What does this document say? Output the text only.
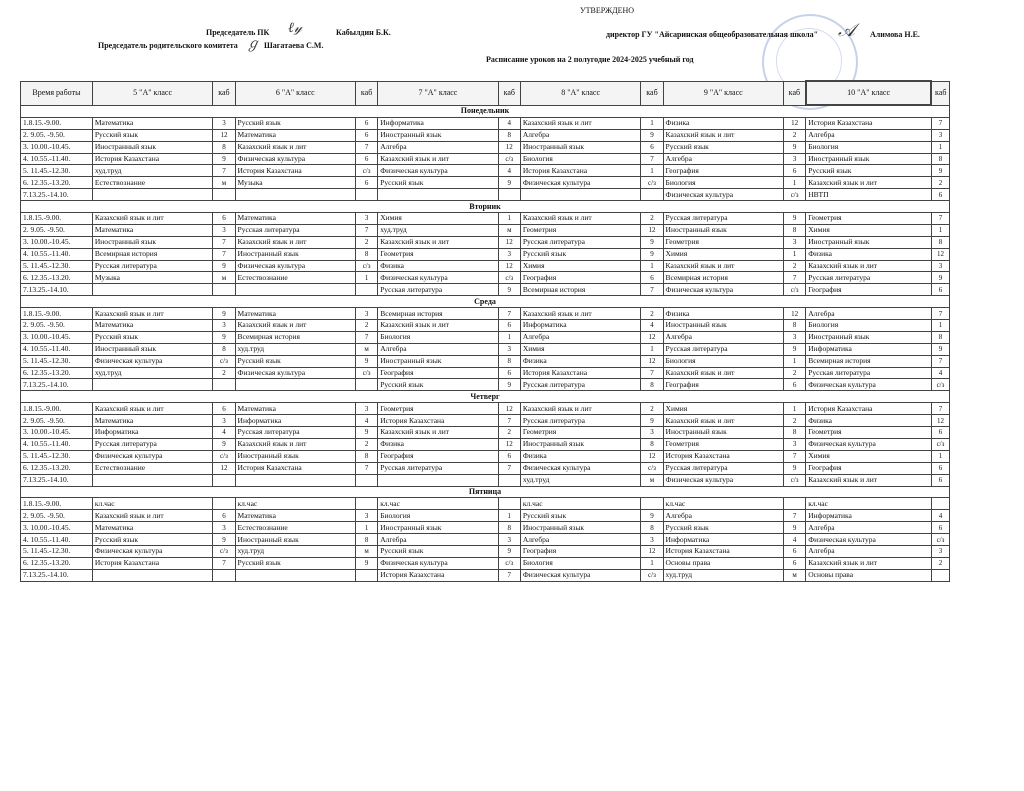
Председатель ПК ℓ𝓎	Кабылдин Б.К.
Председатель родительского комитета ℊ Шагатаева С.М.
УТВЕРЖДЕНО
директор ГУ "Айсаринская общеобразовательная школа" 𝒜 Алимова Н.Е.
Расписание уроков на 2 полугодие 2024-2025 учебный год
Время работы	5 "А" класс	каб	6 "А" класс	каб	7 "А" класс	каб	8 "А" класс	каб	9 "А" класс	каб	10 "А" класс	каб
Понедельник												
1.8.15.-9.00.	Математика	3	Русский язык	6	Информатика	4	Казахский язык и лит	1	Физика	12	История Казахстана	7
2. 9.05. -9.50.	Русский язык	12	Математика	6	Иностранный язык	8	Алгебра	9	Казахский язык и лит	2	Алгебра	3
3. 10.00.-10.45.	Иностранный язык	8	Казахский язык и лит	7	Алгебра	12	Иностранный язык	6	Русский язык	9	Биология	1
4. 10.55.-11.40.	История Казахстана	9	Физическая культура	6	Казахский язык и лит	с/з	Биология	7	Алгебра	3	Иностранный язык	8
5. 11.45.-12.30.	худ.труд	7	История Казахстана	с/з	Физическая культура	4	История Казахстана	1	География	6	Русский язык	9
6. 12.35.-13.20.	Естествознание	м	Музыка	6	Русский язык	9	Физическая культура	с/з	Биология	1	Казахский язык и лит	2
7.13.25.-14.10.									Физическая культура	с/з	НВТП	6
Вторник												
1.8.15.-9.00.	Казахский язык и лит	6	Математика	3	Химия	1	Казахский язык и лит	2	Русская литература	9	Геометрия	7
2. 9.05. -9.50.	Математика	3	Русская литература	7	худ.труд	м	Геометрия	12	Иностранный язык	8	Химия	1
3. 10.00.-10.45.	Иностранный язык	7	Казахский язык и лит	2	Казахский язык и лит	12	Русская литература	9	Геометрия	3	Иностранный язык	8
4. 10.55.-11.40.	Всемирная история	7	Иностранный язык	8	Геометрия	3	Русский язык	9	Химия	1	Физика	12
5. 11.45.-12.30.	Русская литература	9	Физическая культура	с/з	Физика	12	Химия	1	Казахский язык и лит	2	Казахский язык и лит	3
6. 12.35.-13.20.	Музыка	м	Естествознание	1	Физическая культура	с/з	География	6	Всемирная история	7	Русская литература	9
7.13.25.-14.10.					Русская литература	9	Всемирная история	7	Физическая культура	с/з	География	6
Среда												
1.8.15.-9.00.	Казахский язык и лит	9	Математика	3	Всемирная история	7	Казахский язык и лит	2	Физика	12	Алгебра	7
2. 9.05. -9.50.	Математика	3	Казахский язык и лит	2	Казахский язык и лит	6	Информатика	4	Иностранный язык	8	Биология	1
3. 10.00.-10.45.	Русский язык	9	Всемирная история	7	Биология	1	Алгебра	12	Алгебра	3	Иностранный язык	8
4. 10.55.-11.40.	Иностранный язык	8	худ.труд	м	Алгебра	3	Химия	1	Русская литература	9	Информатика	9
5. 11.45.-12.30.	Физическая культура	с/з	Русский язык	9	Иностранный язык	8	Физика	12	Биология	1	Всемирная история	7
6. 12.35.-13.20.	худ.труд	2	Физическая культура	с/з	География	6	История Казахстана	7	Казахский язык и лит	2	Русская литература	4
7.13.25.-14.10.					Русский язык	9	Русская литература	8	География	6	Физическая культура	с/з
Четверг												
1.8.15.-9.00.	Казахский язык и лит	6	Математика	3	Геометрия	12	Казахский язык и лит	2	Химия	1	История Казахстана	7
2. 9.05. -9.50.	Математика	3	Информатика	4	История Казахстана	7	Русская литература	9	Казахский язык и лит	2	Физика	12
3. 10.00.-10.45.	Информатика	4	Русская литература	9	Казахский язык и лит	2	Геометрия	3	Иностранный язык	8	Геометрия	6
4. 10.55.-11.40.	Русская литература	9	Казахский язык и лит	2	Физика	12	Иностранный язык	8	Геометрия	3	Физическая культура	с/з
5. 11.45.-12.30.	Физическая культура	с/з	Иностранный язык	8	География	6	Физика	12	История Казахстана	7	Химия	1
6. 12.35.-13.20.	Естествознание	12	История Казахстана	7	Русская литература	7	Физическая культура	с/з	Русская литература	9	География	6
7.13.25.-14.10.							худ.труд	м	Физическая культура	с/з	Казахский язык и лит	6
Пятница												
1.8.15.-9.00.	кл.час		кл.час		кл.час		кл.час		кл.час		кл.час	
2. 9.05. -9.50.	Казахский язык и лит	6	Математика	3	Биология	1	Русский язык	9	Алгебра	7	Информатика	4
3. 10.00.-10.45.	Математика	3	Естествознание	1	Иностранный язык	8	Иностранный язык	8	Русский язык	9	Алгебра	6
4. 10.55.-11.40.	Русский язык	9	Иностранный язык	8	Алгебра	3	Алгебра	3	Информатика	4	Физическая культура	с/з
5. 11.45.-12.30.	Физическая культура	с/з	худ.труд	м	Русский язык	9	География	12	История Казахстана	6	Алгебра	3
6. 12.35.-13.20.	История Казахстана	7	Русский язык	9	Физическая культура	с/з	Биология	1	Основы права	6	Казахский язык и лит	2
7.13.25.-14.10.					История Казахстана	7	Физическая культура	с/з	худ.труд	м	Основы права	
